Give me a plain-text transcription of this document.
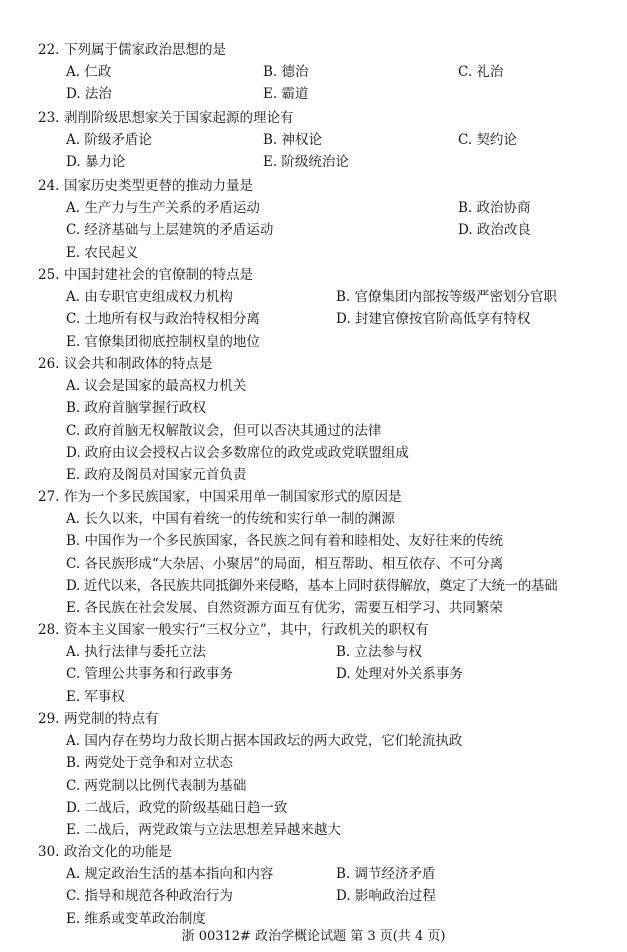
22. 下列属于儒家政治思想的是
A. 仁政	B. 德治	C. 礼治
D. 法治	E. 霸道
23. 剥削阶级思想家关于国家起源的理论有
A. 阶级矛盾论	B. 神权论	C. 契约论
D. 暴力论	E. 阶级统治论
24. 国家历史类型更替的推动力量是
A. 生产力与生产关系的矛盾运动	B. 政治协商
C. 经济基础与上层建筑的矛盾运动	D. 政治改良
E. 农民起义
25. 中国封建社会的官僚制的特点是
A. 由专职官吏组成权力机构	B. 官僚集团内部按等级严密划分官职
C. 土地所有权与政治特权相分离	D. 封建官僚按官阶高低享有特权
E. 官僚集团彻底控制权皇的地位
26. 议会共和制政体的特点是
A. 议会是国家的最高权力机关
B. 政府首脑掌握行政权
C. 政府首脑无权解散议会，但可以否决其通过的法律
D. 政府由议会授权占议会多数席位的政党或政党联盟组成
E. 政府及阁员对国家元首负责
27. 作为一个多民族国家，中国采用单一制国家形式的原因是
A. 长久以来，中国有着统一的传统和实行单一制的渊源
B. 中国作为一个多民族国家，各民族之间有着和睦相处、友好往来的传统
C. 各民族形成“大杂居、小聚居”的局面，相互帮助、相互依存、不可分离
D. 近代以来，各民族共同抵御外来侵略，基本上同时获得解放，奠定了大统一的基础
E. 各民族在社会发展、自然资源方面互有优劣，需要互相学习、共同繁荣
28. 资本主义国家一般实行“三权分立”，其中，行政机关的职权有
A. 执行法律与委托立法	B. 立法参与权
C. 管理公共事务和行政事务	D. 处理对外关系事务
E. 军事权
29. 两党制的特点有
A. 国内存在势均力敌长期占据本国政坛的两大政党，它们轮流执政
B. 两党处于竞争和对立状态
C. 两党制以比例代表制为基础
D. 二战后，政党的阶级基础日趋一致
E. 二战后，两党政策与立法思想差异越来越大
30. 政治文化的功能是
A. 规定政治生活的基本指向和内容	B. 调节经济矛盾
C. 指导和规范各种政治行为	D. 影响政治过程
E. 维系或变革政治制度
浙 00312# 政治学概论试题 第 3 页(共 4 页)
